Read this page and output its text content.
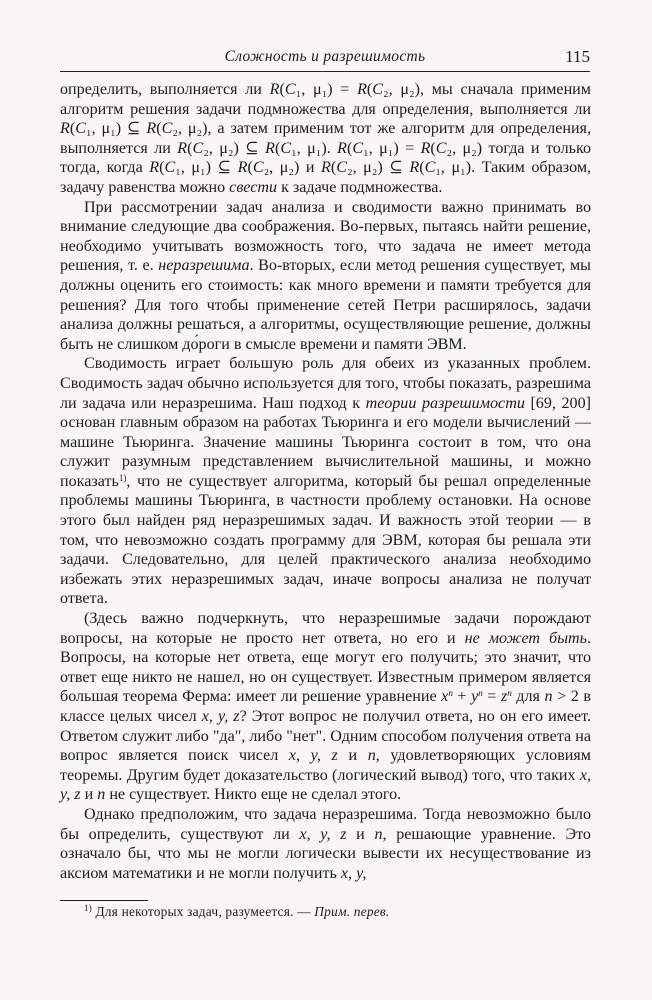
Сложность и разрешимость	115

определить, выполняется ли R(C₁, μ₁) = R(C₂, μ₂), мы сначала применим алгоритм решения задачи подмножества для определения, выполняется ли R(C₁, μ₁) ⊆ R(C₂, μ₂), а затем применим тот же алгоритм для определения, выполняется ли R(C₂, μ₂) ⊆ R(C₁, μ₁). R(C₁, μ₁) = R(C₂, μ₂) тогда и только тогда, когда R(C₁, μ₁) ⊆ R(C₂, μ₂) и R(C₂, μ₂) ⊆ R(C₁, μ₁). Таким образом, задачу равенства можно свести к задаче подмножества.

При рассмотрении задач анализа и сводимости важно принимать во внимание следующие два соображения. Во-первых, пытаясь найти решение, необходимо учитывать возможность того, что задача не имеет метода решения, т. е. неразрешима. Во-вторых, если метод решения существует, мы должны оценить его стоимость: как много времени и памяти требуется для решения? Для того чтобы применение сетей Петри расширялось, задачи анализа должны решаться, а алгоритмы, осуществляющие решение, должны быть не слишком до́роги в смысле времени и памяти ЭВМ.

Сводимость играет большую роль для обеих из указанных проблем. Сводимость задач обычно используется для того, чтобы показать, разрешима ли задача или неразрешима. Наш подход к теории разрешимости [69, 200] основан главным образом на работах Тьюринга и его модели вычислений — машине Тьюринга. Значение машины Тьюринга состоит в том, что она служит разумным представлением вычислительной машины, и можно показать$^{1)}$, что не существует алгоритма, который бы решал определенные проблемы машины Тьюринга, в частности проблему остановки. На основе этого был найден ряд неразрешимых задач. И важность этой теории — в том, что невозможно создать программу для ЭВМ, которая бы решала эти задачи. Следовательно, для целей практического анализа необходимо избежать этих неразрешимых задач, иначе вопросы анализа не получат ответа.

(Здесь важно подчеркнуть, что неразрешимые задачи порождают вопросы, на которые не просто нет ответа, но его и не может быть. Вопросы, на которые нет ответа, еще могут его получить; это значит, что ответ еще никто не нашел, но он существует. Известным примером является большая теорема Ферма: имеет ли решение уравнение $x^n + y^n = z^n$ для n > 2 в классе целых чисел x, y, z? Этот вопрос не получил ответа, но он его имеет. Ответом служит либо "да", либо "нет". Одним способом получения ответа на вопрос является поиск чисел x, y, z и n, удовлетворяющих условиям теоремы. Другим будет доказательство (логический вывод) того, что таких x, y, z и n не существует. Никто еще не сделал этого.

Однако предположим, что задача неразрешима. Тогда невозможно было бы определить, существуют ли x, y, z и n, решающие уравнение. Это означало бы, что мы не могли логически вывести их несуществование из аксиом математики и не могли получить x, y,

$^{1)}$ Для некоторых задач, разумеется. — Прим. перев.
